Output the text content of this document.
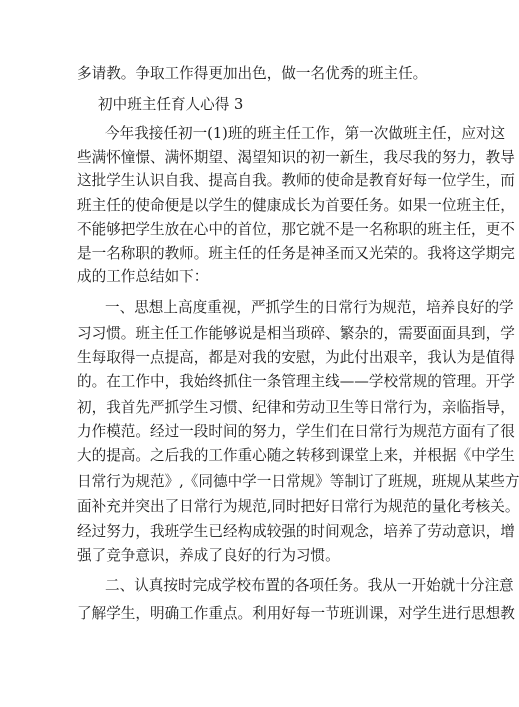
多请教。争取工作得更加出色，做一名优秀的班主任。
初中班主任育人心得 3
今年我接任初一(1)班的班主任工作，第一次做班主任，应对这
些满怀憧憬、满怀期望、渴望知识的初一新生，我尽我的努力，教导
这批学生认识自我、提高自我。教师的使命是教育好每一位学生，而
班主任的使命便是以学生的健康成长为首要任务。如果一位班主任，
不能够把学生放在心中的首位，那它就不是一名称职的班主任，更不
是一名称职的教师。班主任的任务是神圣而又光荣的。我将这学期完
成的工作总结如下：
一、思想上高度重视，严抓学生的日常行为规范，培养良好的学
习习惯。班主任工作能够说是相当琐碎、繁杂的，需要面面具到，学
生每取得一点提高，都是对我的安慰，为此付出艰辛，我认为是值得
的。在工作中，我始终抓住一条管理主线——学校常规的管理。开学
初，我首先严抓学生习惯、纪律和劳动卫生等日常行为，亲临指导，
力作模范。经过一段时间的努力，学生们在日常行为规范方面有了很
大的提高。之后我的工作重心随之转移到课堂上来，并根据《中学生
日常行为规范》,《同德中学一日常规》等制订了班规，班规从某些方
面补充并突出了日常行为规范,同时把好日常行为规范的量化考核关。
经过努力，我班学生已经构成较强的时间观念，培养了劳动意识，增
强了竞争意识，养成了良好的行为习惯。
二、认真按时完成学校布置的各项任务。我从一开始就十分注意
了解学生，明确工作重点。利用好每一节班训课，对学生进行思想教
